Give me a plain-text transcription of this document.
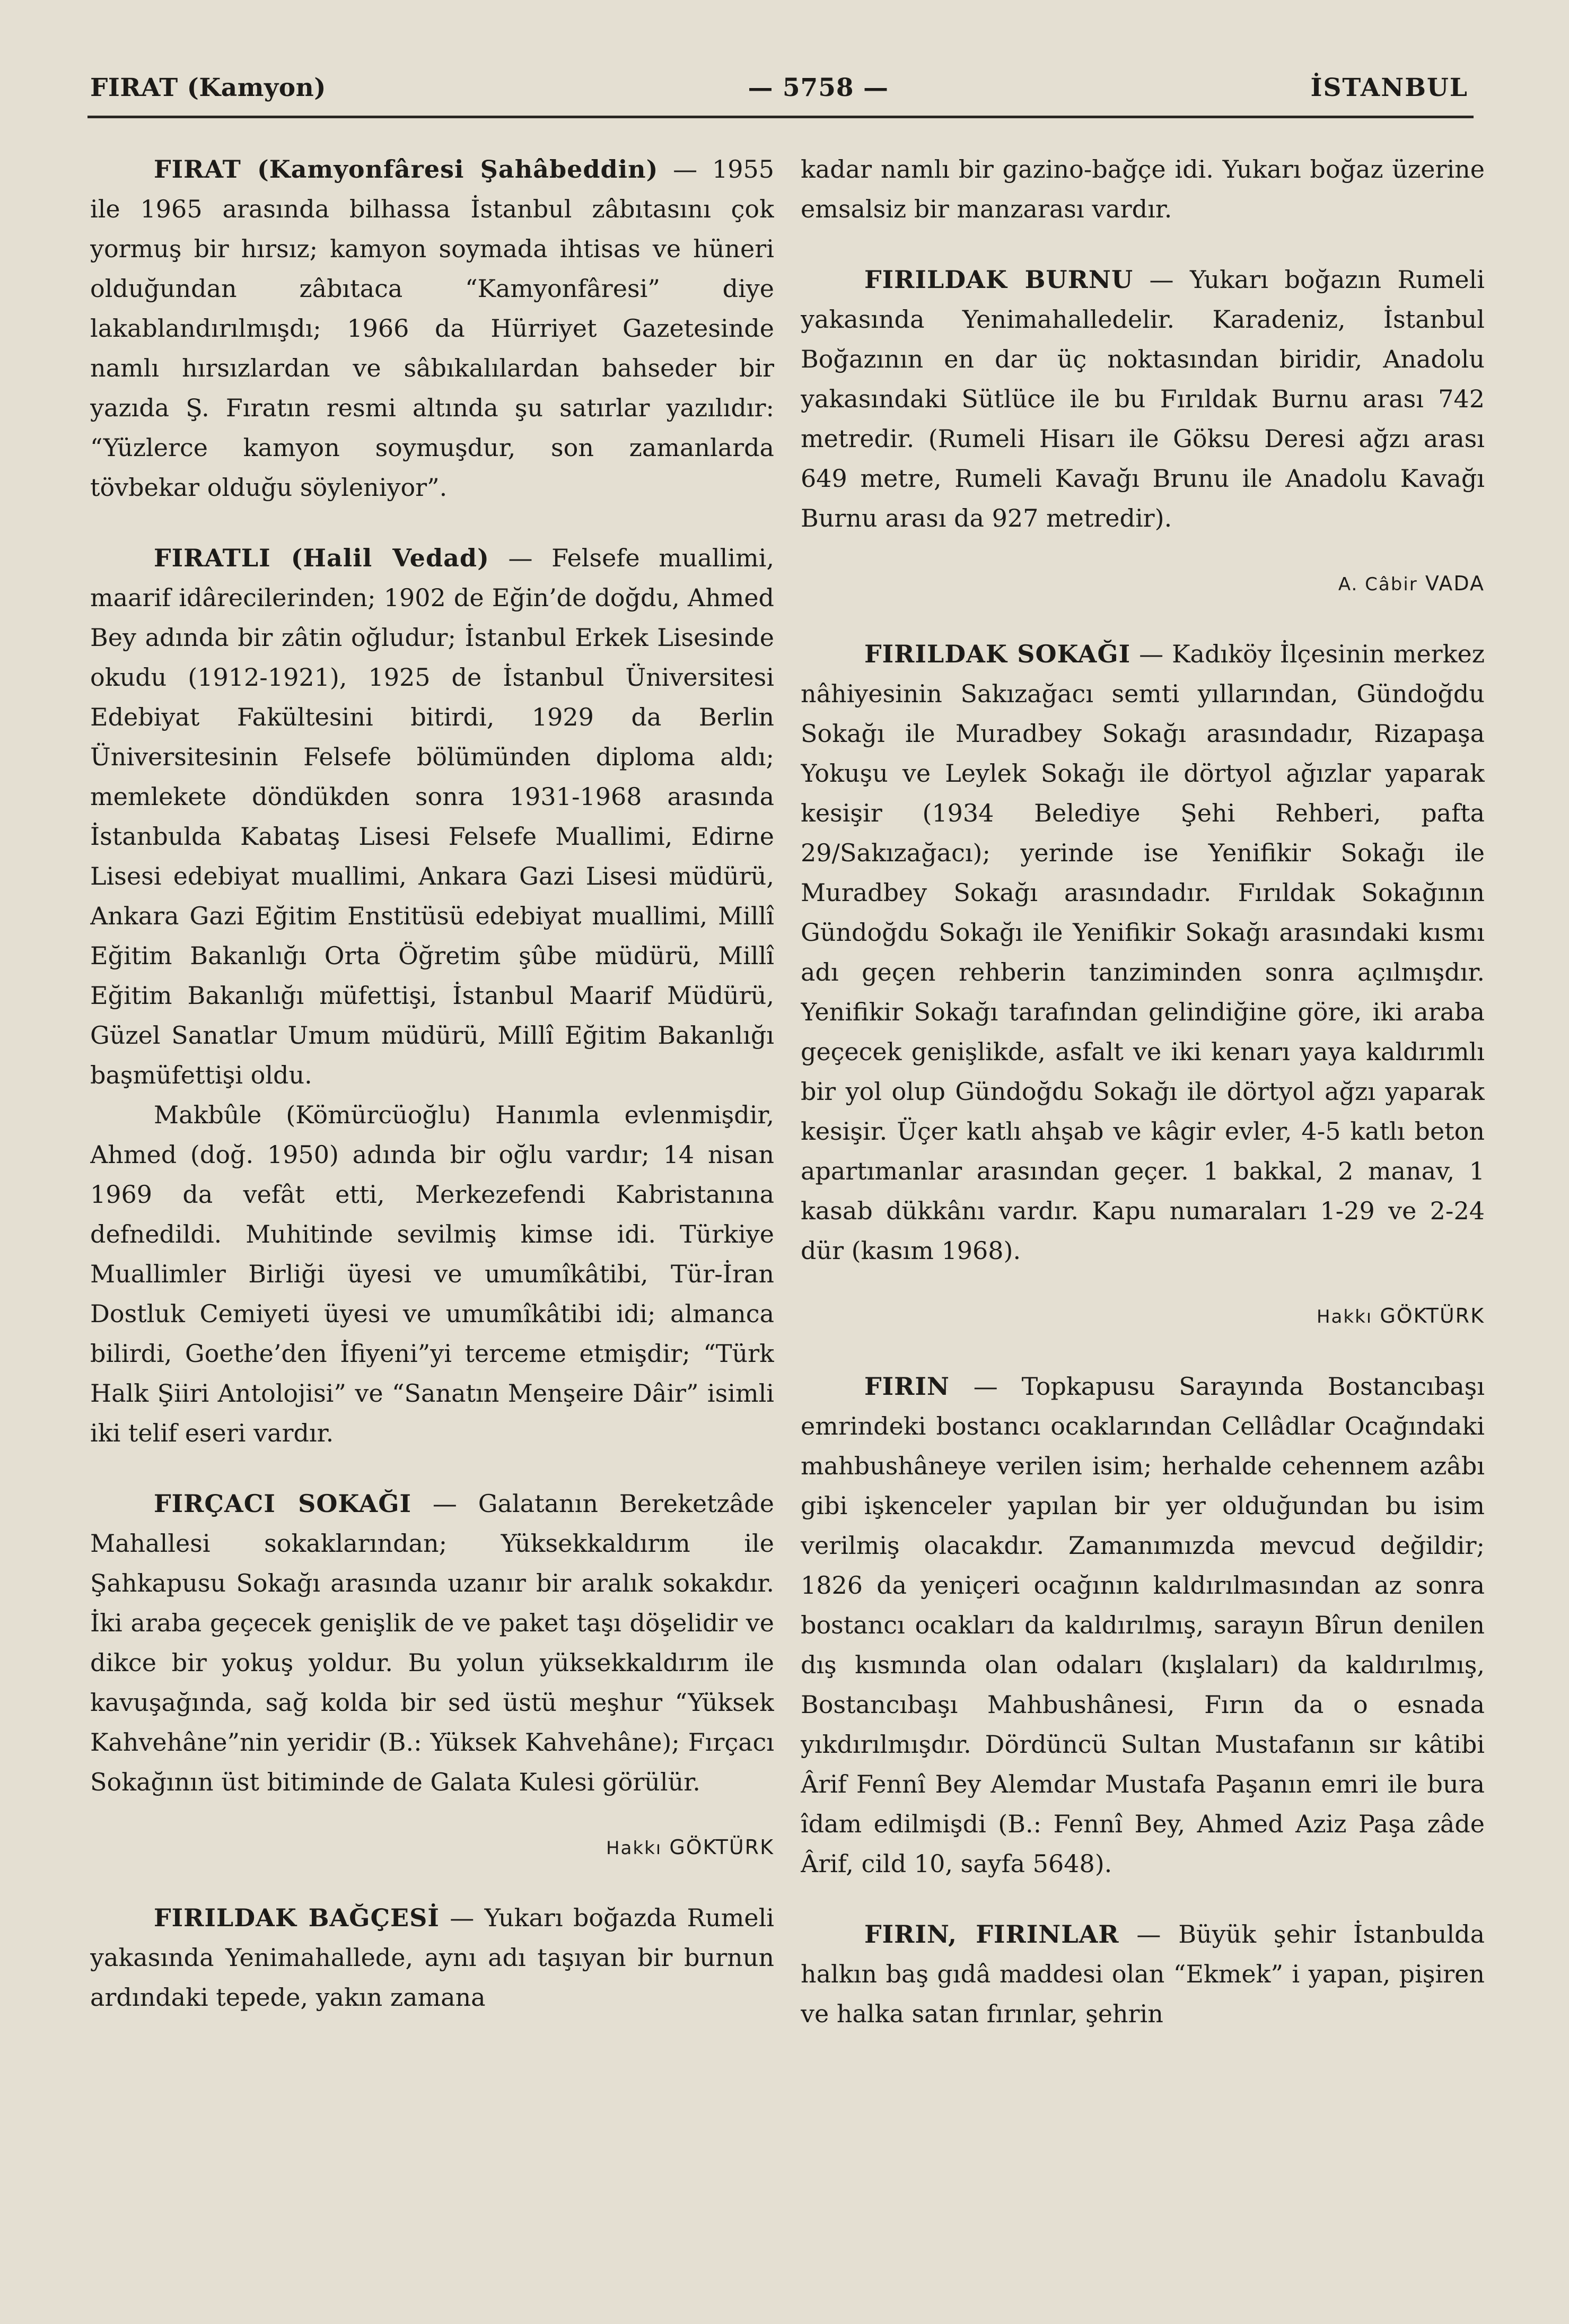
FIRAT (Kamyon)	— 5758 —	İSTANBUL

FIRAT (Kamyonfâresi Şahâbeddin) — 1955 ile 1965 arasında bilhassa İstanbul zâbıtasını çok yormuş bir hırsız; kamyon soymada ihtisas ve hüneri olduğundan zâbıtaca “Kamyonfâresi” diye lakablandırılmışdı; 1966 da Hürriyet Gazetesinde namlı hırsızlardan ve sâbıkalılardan bahseder bir yazıda Ş. Fıratın resmi altında şu satırlar yazılıdır: “Yüzlerce kamyon soymuşdur, son zamanlarda tövbekar olduğu söyleniyor”.

FIRATLI (Halil Vedad) — Felsefe muallimi, maarif idârecilerinden; 1902 de Eğin’de doğdu, Ahmed Bey adında bir zâtin oğludur; İstanbul Erkek Lisesinde okudu (1912-1921), 1925 de İstanbul Üniversitesi Edebiyat Fakültesini bitirdi, 1929 da Berlin Üniversitesinin Felsefe bölümünden diploma aldı; memlekete döndükden sonra 1931-1968 arasında İstanbulda Kabataş Lisesi Felsefe Muallimi, Edirne Lisesi edebiyat muallimi, Ankara Gazi Lisesi müdürü, Ankara Gazi Eğitim Enstitüsü edebiyat muallimi, Millî Eğitim Bakanlığı Orta Öğretim şûbe müdürü, Millî Eğitim Bakanlığı müfettişi, İstanbul Maarif Müdürü, Güzel Sanatlar Umum müdürü, Millî Eğitim Bakanlığı başmüfettişi oldu.

Makbûle (Kömürcüoğlu) Hanımla evlenmişdir, Ahmed (doğ. 1950) adında bir oğlu vardır; 14 nisan 1969 da vefât etti, Merkezefendi Kabristanına defnedildi. Muhitinde sevilmiş kimse idi. Türkiye Muallimler Birliği üyesi ve umumîkâtibi, Tür-İran Dostluk Cemiyeti üyesi ve umumîkâtibi idi; almanca bilirdi, Goethe’den İfiyeni”yi terceme etmişdir; “Türk Halk Şiiri Antolojisi” ve “Sanatın Menşeire Dâir” isimli iki telif eseri vardır.

FIRÇACI SOKAĞI — Galatanın Bereketzâde Mahallesi sokaklarından; Yüksekkaldırım ile Şahkapusu Sokağı arasında uzanır bir aralık sokakdır. İki araba geçecek genişlik de ve paket taşı döşelidir ve dikce bir yokuş yoldur. Bu yolun yüksekkaldırım ile kavuşağında, sağ kolda bir sed üstü meşhur “Yüksek Kahvehâne”nin yeridir (B.: Yüksek Kahvehâne); Fırçacı Sokağının üst bitiminde de Galata Kulesi görülür.

Hakkı GÖKTÜRK

FIRILDAK BAĞÇESİ — Yukarı boğazda Rumeli yakasında Yenimahallede, aynı adı taşıyan bir burnun ardındaki tepede, yakın zamana

kadar namlı bir gazino-bağçe idi. Yukarı boğaz üzerine emsalsiz bir manzarası vardır.

FIRILDAK BURNU — Yukarı boğazın Rumeli yakasında Yenimahalledelir. Karadeniz, İstanbul Boğazının en dar üç noktasından biridir, Anadolu yakasındaki Sütlüce ile bu Fırıldak Burnu arası 742 metredir. (Rumeli Hisarı ile Göksu Deresi ağzı arası 649 metre, Rumeli Kavağı Brunu ile Anadolu Kavağı Burnu arası da 927 metredir).

A. Câbir VADA

FIRILDAK SOKAĞI — Kadıköy İlçesinin merkez nâhiyesinin Sakızağacı semti yıllarından, Gündoğdu Sokağı ile Muradbey Sokağı arasındadır, Rizapaşa Yokuşu ve Leylek Sokağı ile dörtyol ağızlar yaparak kesişir (1934 Belediye Şehi Rehberi, pafta 29/Sakızağacı); yerinde ise Yenifikir Sokağı ile Muradbey Sokağı arasındadır. Fırıldak Sokağının Gündoğdu Sokağı ile Yenifikir Sokağı arasındaki kısmı adı geçen rehberin tanziminden sonra açılmışdır. Yenifikir Sokağı tarafından gelindiğine göre, iki araba geçecek genişlikde, asfalt ve iki kenarı yaya kaldırımlı bir yol olup Gündoğdu Sokağı ile dörtyol ağzı yaparak kesişir. Üçer katlı ahşab ve kâgir evler, 4-5 katlı beton apartımanlar arasından geçer. 1 bakkal, 2 manav, 1 kasab dükkânı vardır. Kapu numaraları 1-29 ve 2-24 dür (kasım 1968).

Hakkı GÖKTÜRK

FIRIN — Topkapusu Sarayında Bostancıbaşı emrindeki bostancı ocaklarından Cellâdlar Ocağındaki mahbushâneye verilen isim; herhalde cehennem azâbı gibi işkenceler yapılan bir yer olduğundan bu isim verilmiş olacakdır. Zamanımızda mevcud değildir; 1826 da yeniçeri ocağının kaldırılmasından az sonra bostancı ocakları da kaldırılmış, sarayın Bîrun denilen dış kısmında olan odaları (kışlaları) da kaldırılmış, Bostancıbaşı Mahbushânesi, Fırın da o esnada yıkdırılmışdır. Dördüncü Sultan Mustafanın sır kâtibi Ârif Fennî Bey Alemdar Mustafa Paşanın emri ile bura îdam edilmişdi (B.: Fennî Bey, Ahmed Aziz Paşa zâde Ârif, cild 10, sayfa 5648).

FIRIN, FIRINLAR — Büyük şehir İstanbulda halkın baş gıdâ maddesi olan “Ekmek” i yapan, pişiren ve halka satan fırınlar, şehrin
